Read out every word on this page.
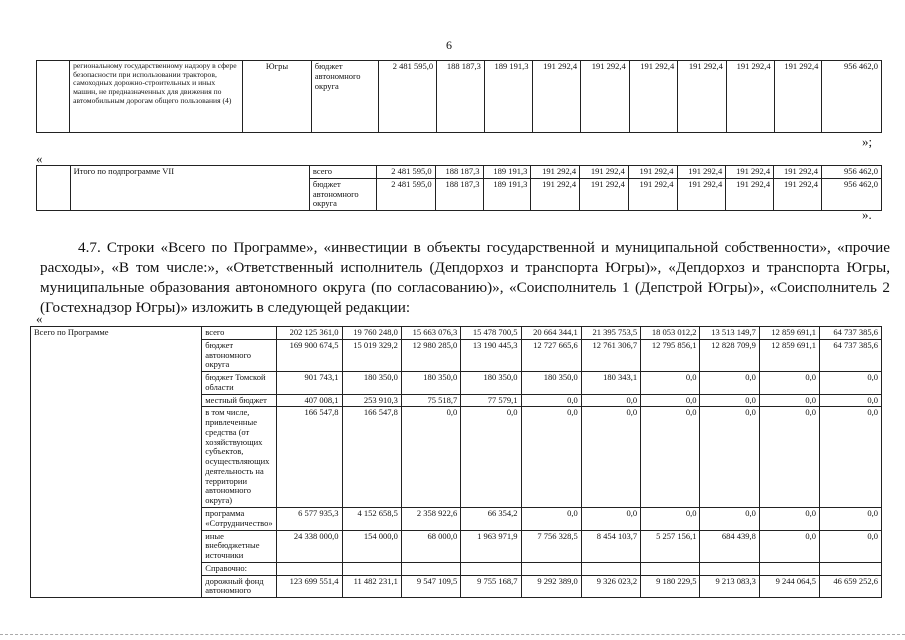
6
	региональному государственному надзору в сфере безопасности при использовании тракторов, самоходных дорожно-строительных и иных машин, не предназначенных для движения по автомобильным дорогам общего пользования (4)	Югры	бюджет автономного округа	2 481 595,0	188 187,3	189 191,3	191 292,4	191 292,4	191 292,4	191 292,4	191 292,4	191 292,4	956 462,0
»;
«
	Итого по подпрограмме VII	всего	2 481 595,0	188 187,3	189 191,3	191 292,4	191 292,4	191 292,4	191 292,4	191 292,4	191 292,4	956 462,0
		бюджет автономного округа	2 481 595,0	188 187,3	189 191,3	191 292,4	191 292,4	191 292,4	191 292,4	191 292,4	191 292,4	956 462,0
».
4.7. Строки «Всего по Программе», «инвестиции в объекты государственной и муниципальной собственности», «прочие расходы», «В том числе:», «Ответственный исполнитель (Депдорхоз и транспорта Югры)», «Депдорхоз и транспорта Югры, муниципальные образования автономного округа (по согласованию)», «Соисполнитель 1 (Депстрой Югры)», «Соисполнитель 2 (Гостехнадзор Югры)» изложить в следующей редакции:
«
Всего по Программе	всего	202 125 361,0	19 760 248,0	15 663 076,3	15 478 700,5	20 664 344,1	21 395 753,5	18 053 012,2	13 513 149,7	12 859 691,1	64 737 385,6
	бюджет автономного округа	169 900 674,5	15 019 329,2	12 980 285,0	13 190 445,3	12 727 665,6	12 761 306,7	12 795 856,1	12 828 709,9	12 859 691,1	64 737 385,6
	бюджет Томской области	901 743,1	180 350,0	180 350,0	180 350,0	180 350,0	180 343,1	0,0	0,0	0,0	0,0
	местный бюджет	407 008,1	253 910,3	75 518,7	77 579,1	0,0	0,0	0,0	0,0	0,0	0,0
	в том числе, привлеченные средства (от хозяйствующих субъектов, осуществляющих деятельность на территории автономного округа)	166 547,8	166 547,8	0,0	0,0	0,0	0,0	0,0	0,0	0,0	0,0
	программа «Сотрудничество»	6 577 935,3	4 152 658,5	2 358 922,6	66 354,2	0,0	0,0	0,0	0,0	0,0	0,0
	иные внебюджетные источники	24 338 000,0	154 000,0	68 000,0	1 963 971,9	7 756 328,5	8 454 103,7	5 257 156,1	684 439,8	0,0	0,0
	Справочно:										
	дорожный фонд автономного	123 699 551,4	11 482 231,1	9 547 109,5	9 755 168,7	9 292 389,0	9 326 023,2	9 180 229,5	9 213 083,3	9 244 064,5	46 659 252,6
